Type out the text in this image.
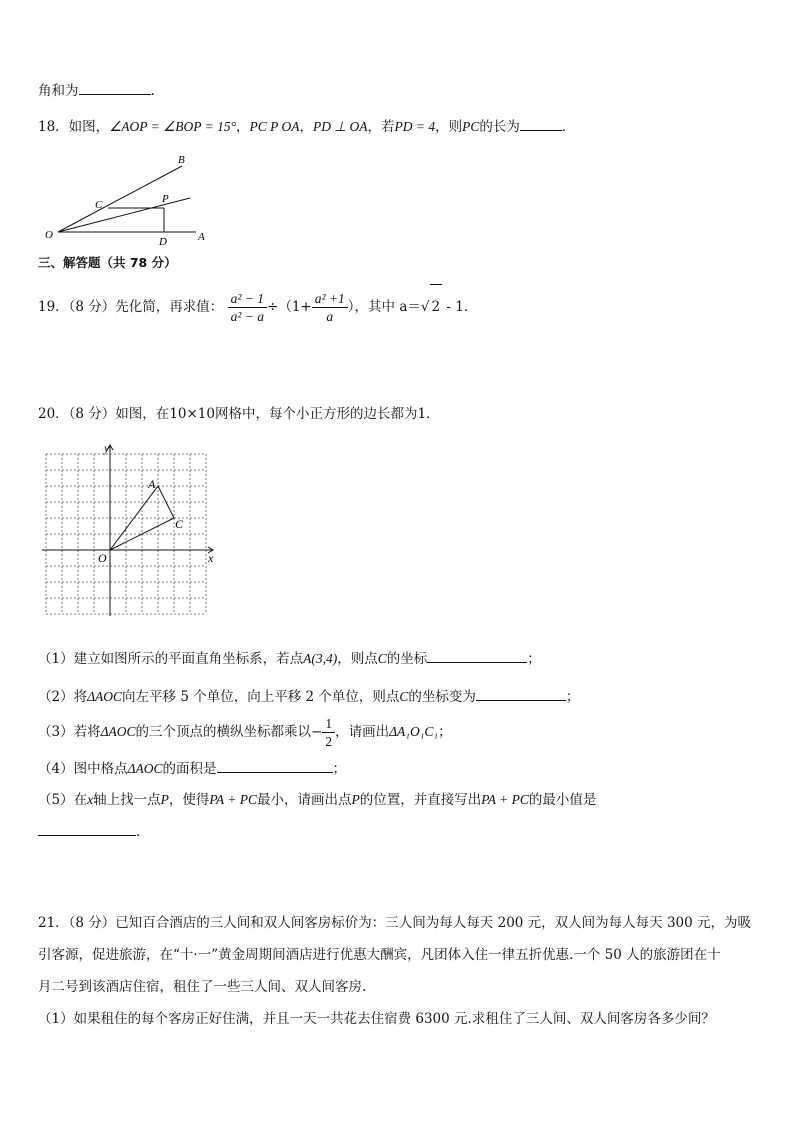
角和为	.
18．如图，∠AOP = ∠BOP = 15°，PC P OA，PD ⊥ OA，若PD = 4，则PC的长为	．
B
C	P
O
D	A
三、解答题（共 78 分）
19．（8 分）先化简，再求值： $\frac{\text{a² − 1}}{\text{a² − a}} \div(1+ \frac{\text{a² +1}}{a}$ ），其中 a＝√ 2 - 1.
20．（8 分）如图，在10×10网格中，每个小正方形的边长都为1．
y
x
A
C
O
（1）建立如图所示的平面直角坐标系，若点A(3,4)，则点C的坐标	；
（2）将ΔAOC向左平移 5 个单位，向上平移 2 个单位，则点C的坐标变为	；
（3）若将ΔAOC的三个顶点的横纵坐标都乘以− $\frac{1}{2}$ ，请画出ΔA₁O₁C₁；
（4）图中格点ΔAOC的面积是	；
（5）在x轴上找一点P，使得PA + PC最小，请画出点P的位置，并直接写出PA + PC的最小值是
.
21．（8 分）已知百合酒店的三人间和双人间客房标价为：三人间为每人每天 200 元，双人间为每人每天 300 元，为吸
引客源，促进旅游，在“十·一”黄金周期间酒店进行优惠大酬宾，凡团体入住一律五折优惠.一个 50 人的旅游团在十
月二号到该酒店住宿，租住了一些三人间、双人间客房.
（1）如果租住的每个客房正好住满，并且一天一共花去住宿费 6300 元.求租住了三人间、双人间客房各多少间？
